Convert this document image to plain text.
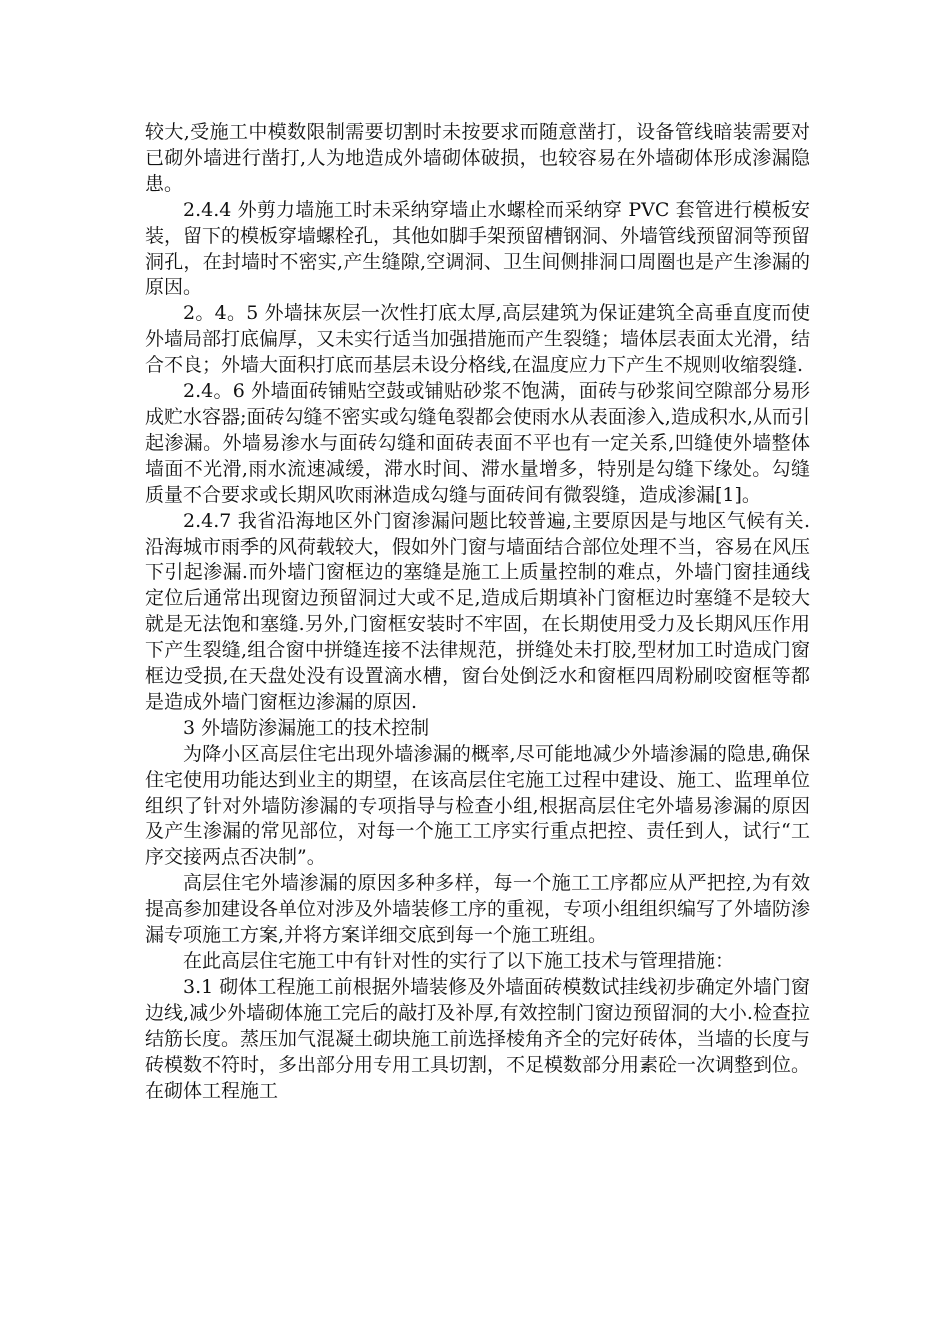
较大,受施工中模数限制需要切割时未按要求而随意凿打，设备管线暗装需要对已砌外墙进行凿打,人为地造成外墙砌体破损，也较容易在外墙砌体形成渗漏隐患。

2.4.4 外剪力墙施工时未采纳穿墙止水螺栓而采纳穿 PVC 套管进行模板安装，留下的模板穿墙螺栓孔，其他如脚手架预留槽钢洞、外墙管线预留洞等预留洞孔，在封墙时不密实,产生缝隙,空调洞、卫生间侧排洞口周圈也是产生渗漏的原因。

2。4。5 外墙抹灰层一次性打底太厚,高层建筑为保证建筑全高垂直度而使外墙局部打底偏厚，又未实行适当加强措施而产生裂缝；墙体层表面太光滑，结合不良；外墙大面积打底而基层未设分格线,在温度应力下产生不规则收缩裂缝.

2.4。6 外墙面砖铺贴空鼓或铺贴砂浆不饱满，面砖与砂浆间空隙部分易形成贮水容器;面砖勾缝不密实或勾缝龟裂都会使雨水从表面渗入,造成积水,从而引起渗漏。外墙易渗水与面砖勾缝和面砖表面不平也有一定关系,凹缝使外墙整体墙面不光滑,雨水流速减缓，滞水时间、滞水量增多，特别是勾缝下缘处。勾缝质量不合要求或长期风吹雨淋造成勾缝与面砖间有微裂缝，造成渗漏[1]。

2.4.7 我省沿海地区外门窗渗漏问题比较普遍,主要原因是与地区气候有关.沿海城市雨季的风荷载较大，假如外门窗与墙面结合部位处理不当，容易在风压下引起渗漏.而外墙门窗框边的塞缝是施工上质量控制的难点，外墙门窗挂通线定位后通常出现窗边预留洞过大或不足,造成后期填补门窗框边时塞缝不是较大就是无法饱和塞缝.另外,门窗框安装时不牢固，在长期使用受力及长期风压作用下产生裂缝,组合窗中拼缝连接不法律规范，拼缝处未打胶,型材加工时造成门窗框边受损,在天盘处没有设置滴水槽，窗台处倒泛水和窗框四周粉刷咬窗框等都是造成外墙门窗框边渗漏的原因.

3 外墙防渗漏施工的技术控制

为降小区高层住宅出现外墙渗漏的概率,尽可能地减少外墙渗漏的隐患,确保住宅使用功能达到业主的期望，在该高层住宅施工过程中建设、施工、监理单位组织了针对外墙防渗漏的专项指导与检查小组,根据高层住宅外墙易渗漏的原因及产生渗漏的常见部位，对每一个施工工序实行重点把控、责任到人，试行“工序交接两点否决制”。

高层住宅外墙渗漏的原因多种多样，每一个施工工序都应从严把控,为有效提高参加建设各单位对涉及外墙装修工序的重视，专项小组组织编写了外墙防渗漏专项施工方案,并将方案详细交底到每一个施工班组。

在此高层住宅施工中有针对性的实行了以下施工技术与管理措施：

3.1 砌体工程施工前根据外墙装修及外墙面砖模数试挂线初步确定外墙门窗边线,减少外墙砌体施工完后的敲打及补厚,有效控制门窗边预留洞的大小.检查拉结筋长度。蒸压加气混凝土砌块施工前选择棱角齐全的完好砖体，当墙的长度与砖模数不符时，多出部分用专用工具切割，不足模数部分用素砼一次调整到位。在砌体工程施工
